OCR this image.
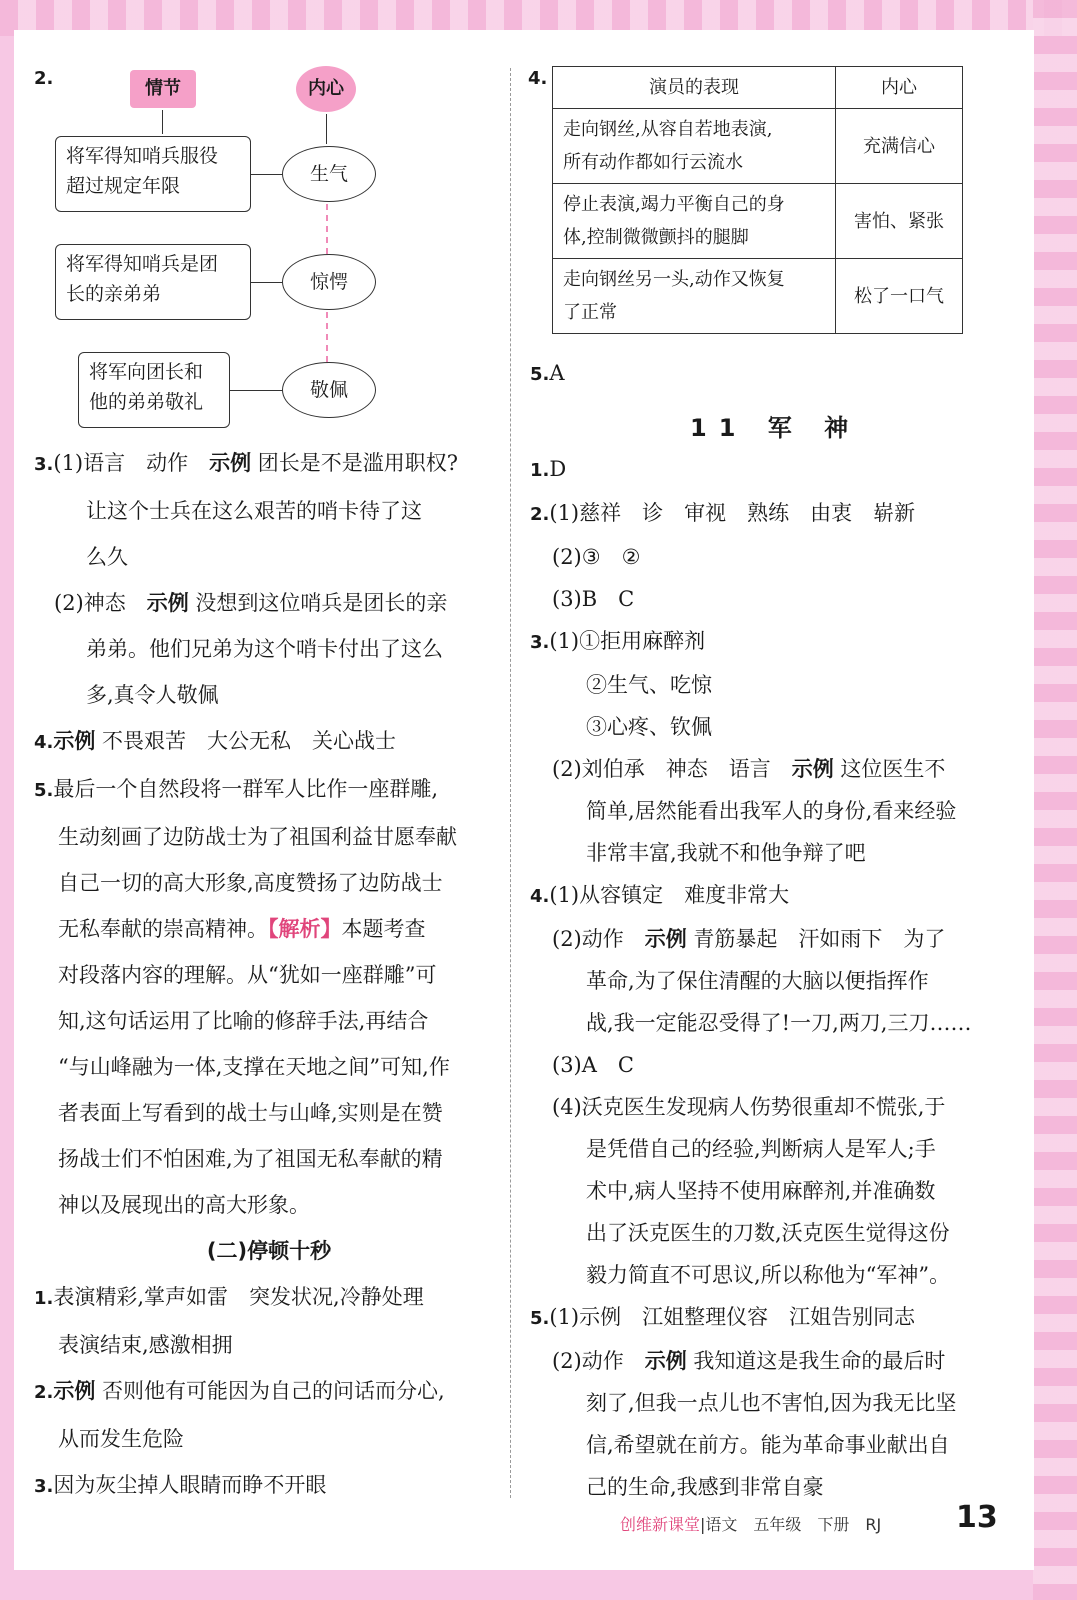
2.	情节	内心
将军得知哨兵服役
超过规定年限
生气
将军得知哨兵是团
长的亲弟弟
惊愕
将军向团长和
他的弟弟敬礼
敬佩
3.(1)语言　动作　示例 团长是不是滥用职权?
让这个士兵在这么艰苦的哨卡待了这
么久
(2)神态　示例 没想到这位哨兵是团长的亲
弟弟。他们兄弟为这个哨卡付出了这么
多,真令人敬佩
4.示例 不畏艰苦　大公无私　关心战士
5.最后一个自然段将一群军人比作一座群雕,
生动刻画了边防战士为了祖国利益甘愿奉献
自己一切的高大形象,高度赞扬了边防战士
无私奉献的崇高精神。【解析】本题考查
对段落内容的理解。从“犹如一座群雕”可
知,这句话运用了比喻的修辞手法,再结合
“与山峰融为一体,支撑在天地之间”可知,作
者表面上写看到的战士与山峰,实则是在赞
扬战士们不怕困难,为了祖国无私奉献的精
神以及展现出的高大形象。
(二)停顿十秒
1.表演精彩,掌声如雷　突发状况,冷静处理
表演结束,感激相拥
2.示例 否则他有可能因为自己的问话而分心,
从而发生危险
3.因为灰尘掉人眼睛而睁不开眼
4.	演员的表现	内心

走向钢丝,从容自若地表演,
所有动作都如行云流水	充满信心

停止表演,竭力平衡自己的身
体,控制微微颤抖的腿脚	害怕、紧张

走向钢丝另一头,动作又恢复
了正常	松了一口气
5.A
11 军 神
1.D
2.(1)慈祥　诊　审视　熟练　由衷　崭新
(2)③　②
(3)B　C
3.(1)①拒用麻醉剂
②生气、吃惊
③心疼、钦佩
(2)刘伯承　神态　语言　示例 这位医生不
简单,居然能看出我军人的身份,看来经验
非常丰富,我就不和他争辩了吧
4.(1)从容镇定　难度非常大
(2)动作　示例 青筋暴起　汗如雨下　为了
革命,为了保住清醒的大脑以便指挥作
战,我一定能忍受得了!一刀,两刀,三刀……
(3)A　C
(4)沃克医生发现病人伤势很重却不慌张,于
是凭借自己的经验,判断病人是军人;手
术中,病人坚持不使用麻醉剂,并准确数
出了沃克医生的刀数,沃克医生觉得这份
毅力简直不可思议,所以称他为“军神”。
5.(1)示例　江姐整理仪容　江姐告别同志
(2)动作　示例 我知道这是我生命的最后时
刻了,但我一点儿也不害怕,因为我无比坚
信,希望就在前方。能为革命事业献出自
己的生命,我感到非常自豪
创维新课堂|语文　五年级　下册　RJ 13
